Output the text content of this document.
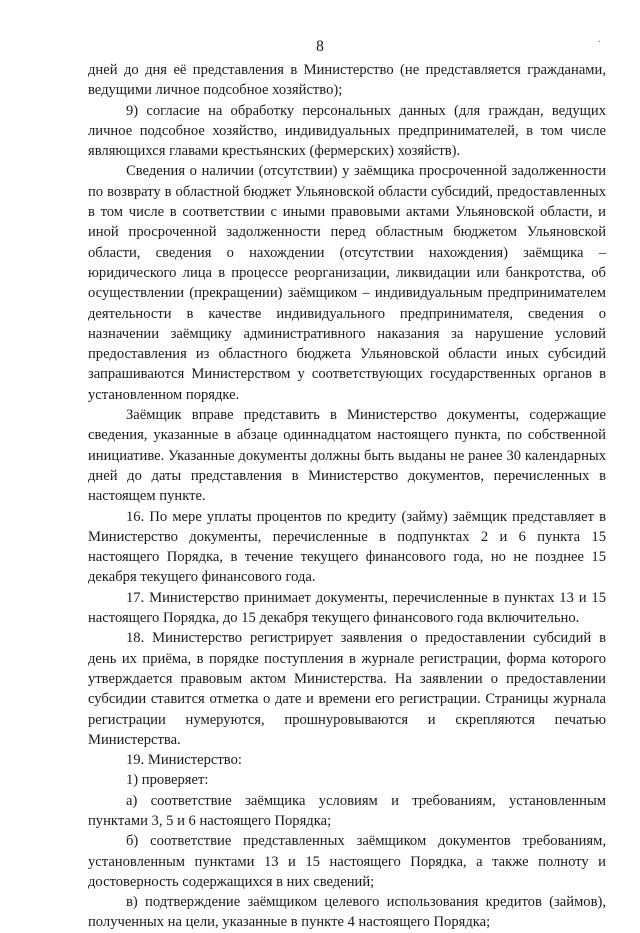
8	.

дней до дня её представления в Министерство (не представляется гражданами, ведущими личное подсобное хозяйство);

9) согласие на обработку персональных данных (для граждан, ведущих личное подсобное хозяйство, индивидуальных предпринимателей, в том числе являющихся главами крестьянских (фермерских) хозяйств).

Сведения о наличии (отсутствии) у заёмщика просроченной задолженности по возврату в областной бюджет Ульяновской области субсидий, предоставленных в том числе в соответствии с иными правовыми актами Ульяновской области, и иной просроченной задолженности перед областным бюджетом Ульяновской области, сведения о нахождении (отсутствии нахождения) заёмщика – юридического лица в процессе реорганизации, ликвидации или банкротства, об осуществлении (прекращении) заёмщиком – индивидуальным предпринимателем деятельности в качестве индивидуального предпринимателя, сведения о назначении заёмщику административного наказания за нарушение условий предоставления из областного бюджета Ульяновской области иных субсидий запрашиваются Министерством у соответствующих государственных органов в установленном порядке.

Заёмщик вправе представить в Министерство документы, содержащие сведения, указанные в абзаце одиннадцатом настоящего пункта, по собственной инициативе. Указанные документы должны быть выданы не ранее 30 календарных дней до даты представления в Министерство документов, перечисленных в настоящем пункте.

16. По мере уплаты процентов по кредиту (займу) заёмщик представляет в Министерство документы, перечисленные в подпунктах 2 и 6 пункта 15 настоящего Порядка, в течение текущего финансового года, но не позднее 15 декабря текущего финансового года.

17. Министерство принимает документы, перечисленные в пунктах 13 и 15 настоящего Порядка, до 15 декабря текущего финансового года включительно.

18. Министерство регистрирует заявления о предоставлении субсидий в день их приёма, в порядке поступления в журнале регистрации, форма которого утверждается правовым актом Министерства. На заявлении о предоставлении субсидии ставится отметка о дате и времени его регистрации. Страницы журнала регистрации нумеруются, прошнуровываются и скрепляются печатью Министерства.

19. Министерство:

1) проверяет:

а) соответствие заёмщика условиям и требованиям, установленным пунктами 3, 5 и 6 настоящего Порядка;

б) соответствие представленных заёмщиком документов требованиям, установленным пунктами 13 и 15 настоящего Порядка, а также полноту и достоверность содержащихся в них сведений;

в) подтверждение заёмщиком целевого использования кредитов (займов), полученных на цели, указанные в пункте 4 настоящего Порядка;
